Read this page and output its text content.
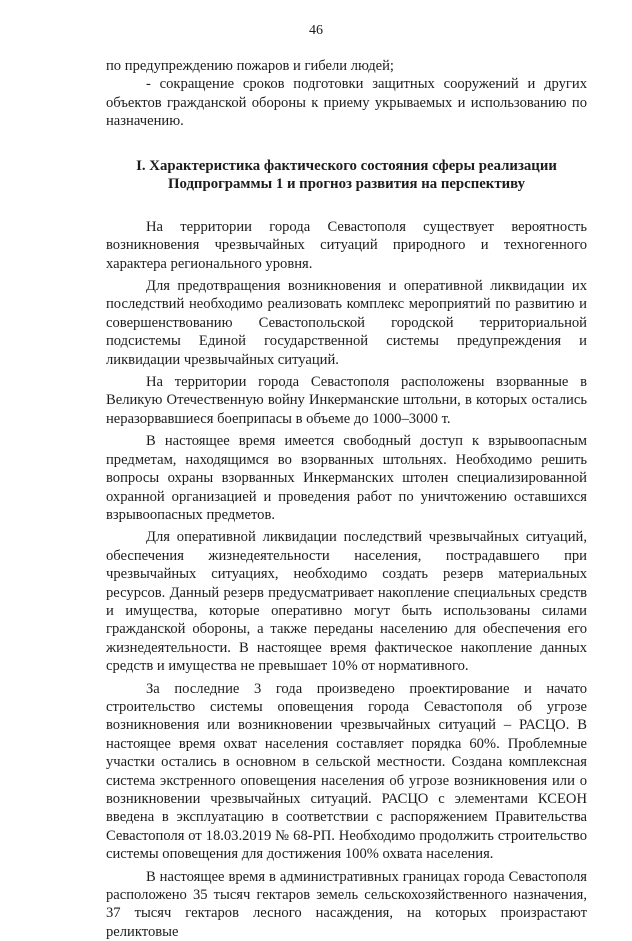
46

по предупреждению пожаров и гибели людей;

- сокращение сроков подготовки защитных сооружений и других объектов гражданской обороны к приему укрываемых и использованию по назначению.

I. Характеристика фактического состояния сферы реализации
Подпрограммы 1 и прогноз развития на перспективу

На территории города Севастополя существует вероятность возникновения чрезвычайных ситуаций природного и техногенного характера регионального уровня.

Для предотвращения возникновения и оперативной ликвидации их последствий необходимо реализовать комплекс мероприятий по развитию и совершенствованию Севастопольской городской территориальной подсистемы Единой государственной системы предупреждения и ликвидации чрезвычайных ситуаций.

На территории города Севастополя расположены взорванные в Великую Отечественную войну Инкерманские штольни, в которых остались неразорвавшиеся боеприпасы в объеме до 1000–3000 т.

В настоящее время имеется свободный доступ к взрывоопасным предметам, находящимся во взорванных штольнях. Необходимо решить вопросы охраны взорванных Инкерманских штолен специализированной охранной организацией и проведения работ по уничтожению оставшихся взрывоопасных предметов.

Для оперативной ликвидации последствий чрезвычайных ситуаций, обеспечения жизнедеятельности населения, пострадавшего при чрезвычайных ситуациях, необходимо создать резерв материальных ресурсов. Данный резерв предусматривает накопление специальных средств и имущества, которые оперативно могут быть использованы силами гражданской обороны, а также переданы населению для обеспечения его жизнедеятельности. В настоящее время фактическое накопление данных средств и имущества не превышает 10% от нормативного.

За последние 3 года произведено проектирование и начато строительство системы оповещения города Севастополя об угрозе возникновения или возникновении чрезвычайных ситуаций – РАСЦО. В настоящее время охват населения составляет порядка 60%. Проблемные участки остались в основном в сельской местности. Создана комплексная система экстренного оповещения населения об угрозе возникновения или о возникновении чрезвычайных ситуаций. РАСЦО с элементами КСЕОН введена в эксплуатацию в соответствии с распоряжением Правительства Севастополя от 18.03.2019 № 68-РП. Необходимо продолжить строительство системы оповещения для достижения 100% охвата населения.

В настоящее время в административных границах города Севастополя расположено 35 тысяч гектаров земель сельскохозяйственного назначения, 37 тысяч гектаров лесного насаждения, на которых произрастают реликтовые
